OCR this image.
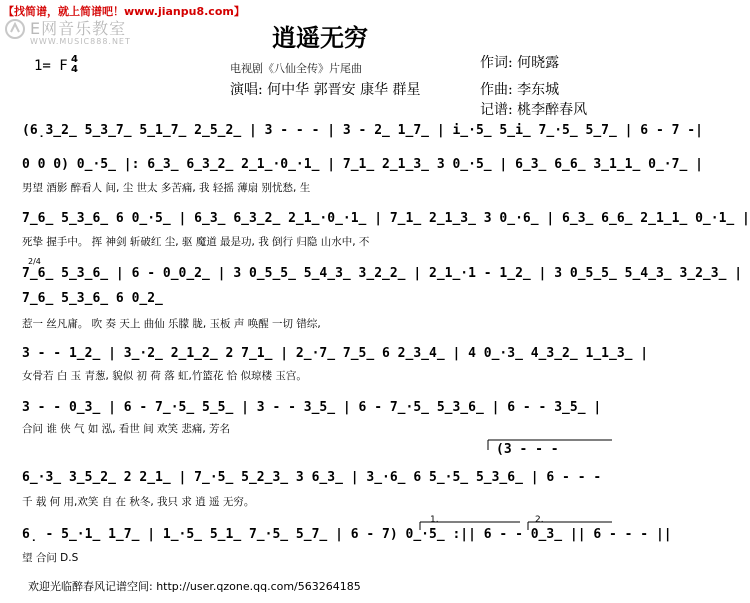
【找简谱，就上简谱吧！www.jianpu8.com】
E网音乐教室
WWW.MUSIC888.NET	逍遥无穷
1= F 4
4	电视剧《八仙全传》片尾曲	作词: 何晓露
演唱: 何中华 郭晋安 康华 群星	作曲: 李东城
记谱: 桃李醉春风
(6̣3̲2̲ 5̲3̲7̲ 5̲1̲7̲ 2̲5̲2̲ | 3 - - - | 3 - 2̲ 1̲7̲ | i̲·5̲ 5̲i̲ 7̲·5̲ 5̲7̲ | 6 - 7 -|
0 0 0) 0̲·5̲ |: 6̲3̲ 6̲3̲2̲ 2̲1̲·0̲·1̲ | 7̲1̲ 2̲1̲3̲ 3 0̲·5̲ | 6̲3̲ 6̲6̲ 3̲1̲1̲ 0̲·7̲ |
男望 酒影 醉看人 间, 尘 世太 多苦痛, 我 轻摇 薄扇 别忧愁, 生
7̲6̲ 5̲3̲6̲ 6 0̲·5̲ | 6̲3̲ 6̲3̲2̲ 2̲1̲·0̲·1̲ | 7̲1̲ 2̲1̲3̲ 3 0̲·6̲ | 6̲3̲ 6̲6̲ 2̲1̲1̲ 0̲·1̲ |
死挚 握手中。 挥 神剑 斩破红 尘, 驱 魔道 最是功, 我 倒行 归隐 山水中, 不
2/4
7̲6̲ 5̲3̲6̲ | 6 - 0̲0̲2̲ | 3 0̲5̲5̲ 5̲4̲3̲ 3̲2̲2̲ | 2̲1̲·1 - 1̲2̲ | 3 0̲5̲5̲ 5̲4̲3̲ 3̲2̲3̲ |
7̲6̲ 5̲3̲6̲ 6 0̲2̲
惹一 丝凡庸。 吹 奏 天上 曲仙 乐朦 胧, 玉板 声 唤醒 一切 错综,
3 - - 1̲2̲ | 3̲·2̲ 2̲1̲2̲ 2 7̲1̲ | 2̲·7̲ 7̲5̲ 6 2̲3̲4̲ | 4 0̲·3̲ 4̲3̲2̲ 1̲1̲3̲ |
女骨若 白 玉 青葱, 貌似 初 荷 落 虹,竹篮花 恰 似琼楼 玉宫。
3 - - 0̲3̲ | 6 - 7̲·5̲ 5̲5̲ | 3 - - 3̲5̲ | 6 - 7̲·5̲ 5̲3̲6̲ | 6 - - 3̲5̲ |
合问 谁 侠 气 如 泓, 看世 间 欢笑 悲痛, 芳名
(3 - - -
6̲·3̲ 3̲5̲2̲ 2 2̲1̲ | 7̲·5̲ 5̲2̲3̲ 3 6̲3̲ | 3̲·6̲ 6 5̲·5̲ 5̲3̲6̲ | 6 - - -
千 载 何 用,欢笑 自 在 秋冬, 我只 求 逍 遥 无穷。
1.	2.
6̣ - 5̲·1̲ 1̲7̲ | 1̲·5̲ 5̲1̲ 7̲·5̲ 5̲7̲ | 6 - 7) 0̲·5̲ :|| 6 - - 0̲3̲ || 6 - - - ||
望 合问 D.S
欢迎光临醉春风记谱空间: http://user.qzone.qq.com/563264185
